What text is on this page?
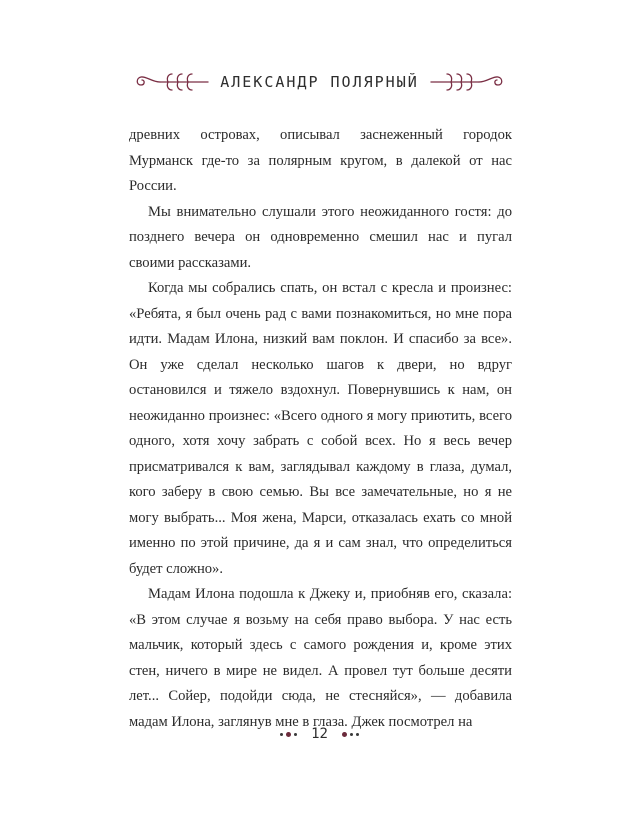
АЛЕКСАНДР ПОЛЯРНЫЙ

древних островах, описывал заснеженный городок Мурманск где-то за полярным кругом, в далекой от нас России.

Мы внимательно слушали этого неожиданного гостя: до позднего вечера он одновременно смешил нас и пугал своими рассказами.

Когда мы собрались спать, он встал с кресла и произнес: «Ребята, я был очень рад с вами познакомиться, но мне пора идти. Мадам Илона, низкий вам поклон. И спасибо за все». Он уже сделал несколько шагов к двери, но вдруг остановился и тяжело вздохнул. Повернувшись к нам, он неожиданно произнес: «Всего одного я могу приютить, всего одного, хотя хочу забрать с собой всех. Но я весь вечер присматривался к вам, заглядывал каждому в глаза, думал, кого заберу в свою семью. Вы все замечательные, но я не могу выбрать... Моя жена, Марси, отказалась ехать со мной именно по этой причине, да я и сам знал, что определиться будет сложно».

Мадам Илона подошла к Джеку и, приобняв его, сказала: «В этом случае я возьму на себя право выбора. У нас есть мальчик, который здесь с самого рождения и, кроме этих стен, ничего в мире не видел. А провел тут больше десяти лет... Сойер, подойди сюда, не стесняйся», — добавила мадам Илона, заглянув мне в глаза. Джек посмотрел на

12
